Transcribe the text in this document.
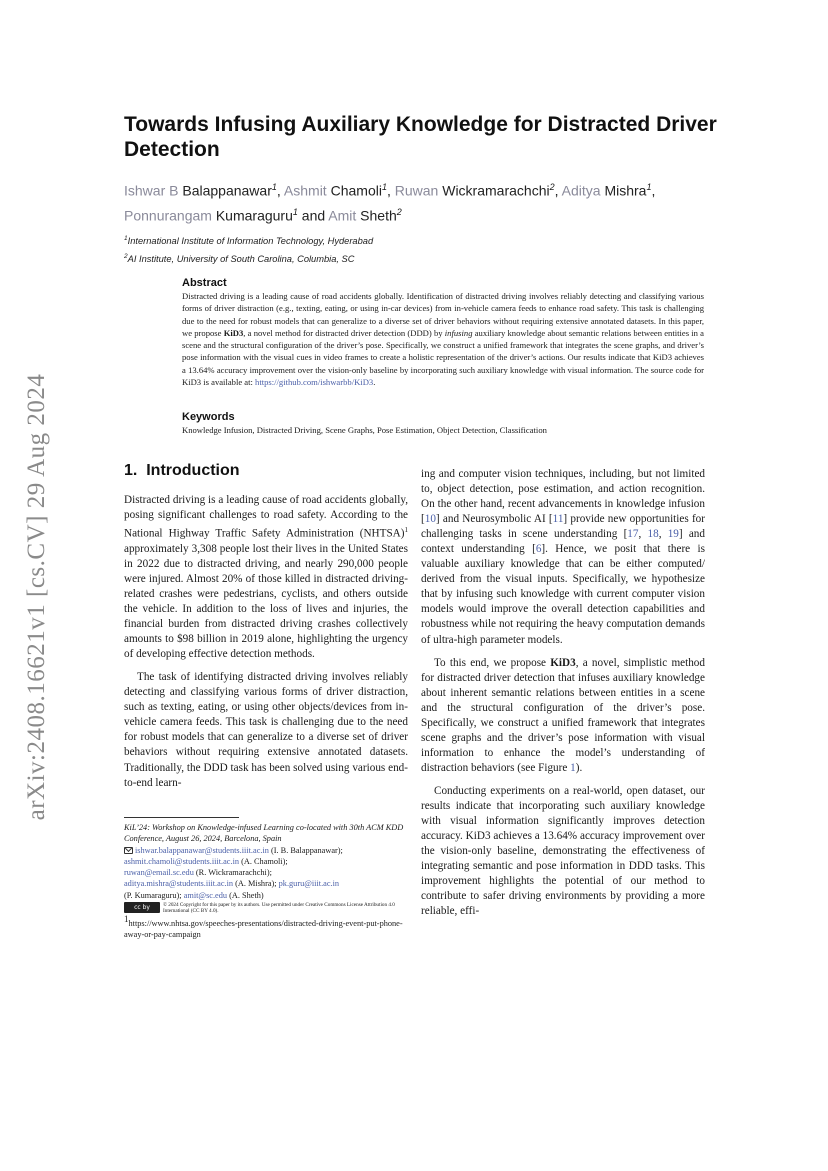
arXiv:2408.16621v1 [cs.CV] 29 Aug 2024
Towards Infusing Auxiliary Knowledge for Distracted Driver Detection
Ishwar B Balappanawar$^1$, Ashmit Chamoli$^1$, Ruwan Wickramarachchi$^2$, Aditya Mishra$^1$,
Ponnurangam Kumaraguru$^1$ and Amit Sheth$^2$
$^1$International Institute of Information Technology, Hyderabad
$^2$AI Institute, University of South Carolina, Columbia, SC

Abstract

Distracted driving is a leading cause of road accidents globally. Identification of distracted driving involves reliably detecting and classifying various forms of driver distraction (e.g., texting, eating, or using in-car devices) from in-vehicle camera feeds to enhance road safety. This task is challenging due to the need for robust models that can generalize to a diverse set of driver behaviors without requiring extensive annotated datasets. In this paper, we propose KiD3, a novel method for distracted driver detection (DDD) by infusing auxiliary knowledge about semantic relations between entities in a scene and the structural configuration of the driver’s pose. Specifically, we construct a unified framework that integrates the scene graphs, and driver’s pose information with the visual cues in video frames to create a holistic representation of the driver’s actions. Our results indicate that KiD3 achieves a 13.64% accuracy improvement over the vision-only baseline by incorporating such auxiliary knowledge with visual information. The source code for KiD3 is available at: https://github.com/ishwarbb/KiD3.

Keywords

Knowledge Infusion, Distracted Driving, Scene Graphs, Pose Estimation, Object Detection, Classification

1. Introduction

Distracted driving is a leading cause of road accidents globally, posing significant challenges to road safety. According to the National Highway Traffic Safety Administration (NHTSA)$^1$ approximately 3,308 people lost their lives in the United States in 2022 due to distracted driving, and nearly 290,000 people were injured. Almost 20% of those killed in distracted driving-related crashes were pedestrians, cyclists, and others outside the vehicle. In addition to the loss of lives and injuries, the financial burden from distracted driving crashes collectively amounts to $98 billion in 2019 alone, highlighting the urgency of developing effective detection methods.

The task of identifying distracted driving involves reliably detecting and classifying various forms of driver distraction, such as texting, eating, or using other objects/devices from in-vehicle camera feeds. This task is challenging due to the need for robust models that can generalize to a diverse set of driver behaviors without requiring extensive annotated datasets. Traditionally, the DDD task has been solved using various end-to-end learn-

ing and computer vision techniques, including, but not limited to, object detection, pose estimation, and action recognition. On the other hand, recent advancements in knowledge infusion [10] and Neurosymbolic AI [11] provide new opportunities for challenging tasks in scene understanding [17, 18, 19] and context understanding [6]. Hence, we posit that there is valuable auxiliary knowledge that can be either computed/ derived from the visual inputs. Specifically, we hypothesize that by infusing such knowledge with current computer vision models would improve the overall detection capabilities and robustness while not requiring the heavy computation demands of ultra-high parameter models.

To this end, we propose KiD3, a novel, simplistic method for distracted driver detection that infuses auxiliary knowledge about inherent semantic relations between entities in a scene and the structural configuration of the driver’s pose. Specifically, we construct a unified framework that integrates scene graphs and the driver’s pose information with visual information to enhance the model’s understanding of distraction behaviors (see Figure 1).

Conducting experiments on a real-world, open dataset, our results indicate that incorporating such auxiliary knowledge with visual information significantly improves detection accuracy. KiD3 achieves a 13.64% accuracy improvement over the vision-only baseline, demonstrating the effectiveness of integrating semantic and pose information in DDD tasks. This improvement highlights the potential of our method to contribute to safer driving environments by providing a more reliable, effi-

KiL’24: Workshop on Knowledge-infused Learning co-located with 30th ACM KDD Conference, August 26, 2024, Barcelona, Spain

ishwar.balappanawar@students.iiit.ac.in (I. B. Balappanawar);
ashmit.chamoli@students.iiit.ac.in (A. Chamoli);
ruwan@email.sc.edu (R. Wickramarachchi);
aditya.mishra@students.iiit.ac.in (A. Mishra); pk.guru@iiit.ac.in
(P. Kumaraguru); amit@sc.edu (A. Sheth)

cc by	© 2024 Copyright for this paper by its authors. Use permitted under Creative Commons License Attribution 4.0 International (CC BY 4.0).

1https://www.nhtsa.gov/speeches-presentations/distracted-driving-event-put-phone-away-or-pay-campaign
